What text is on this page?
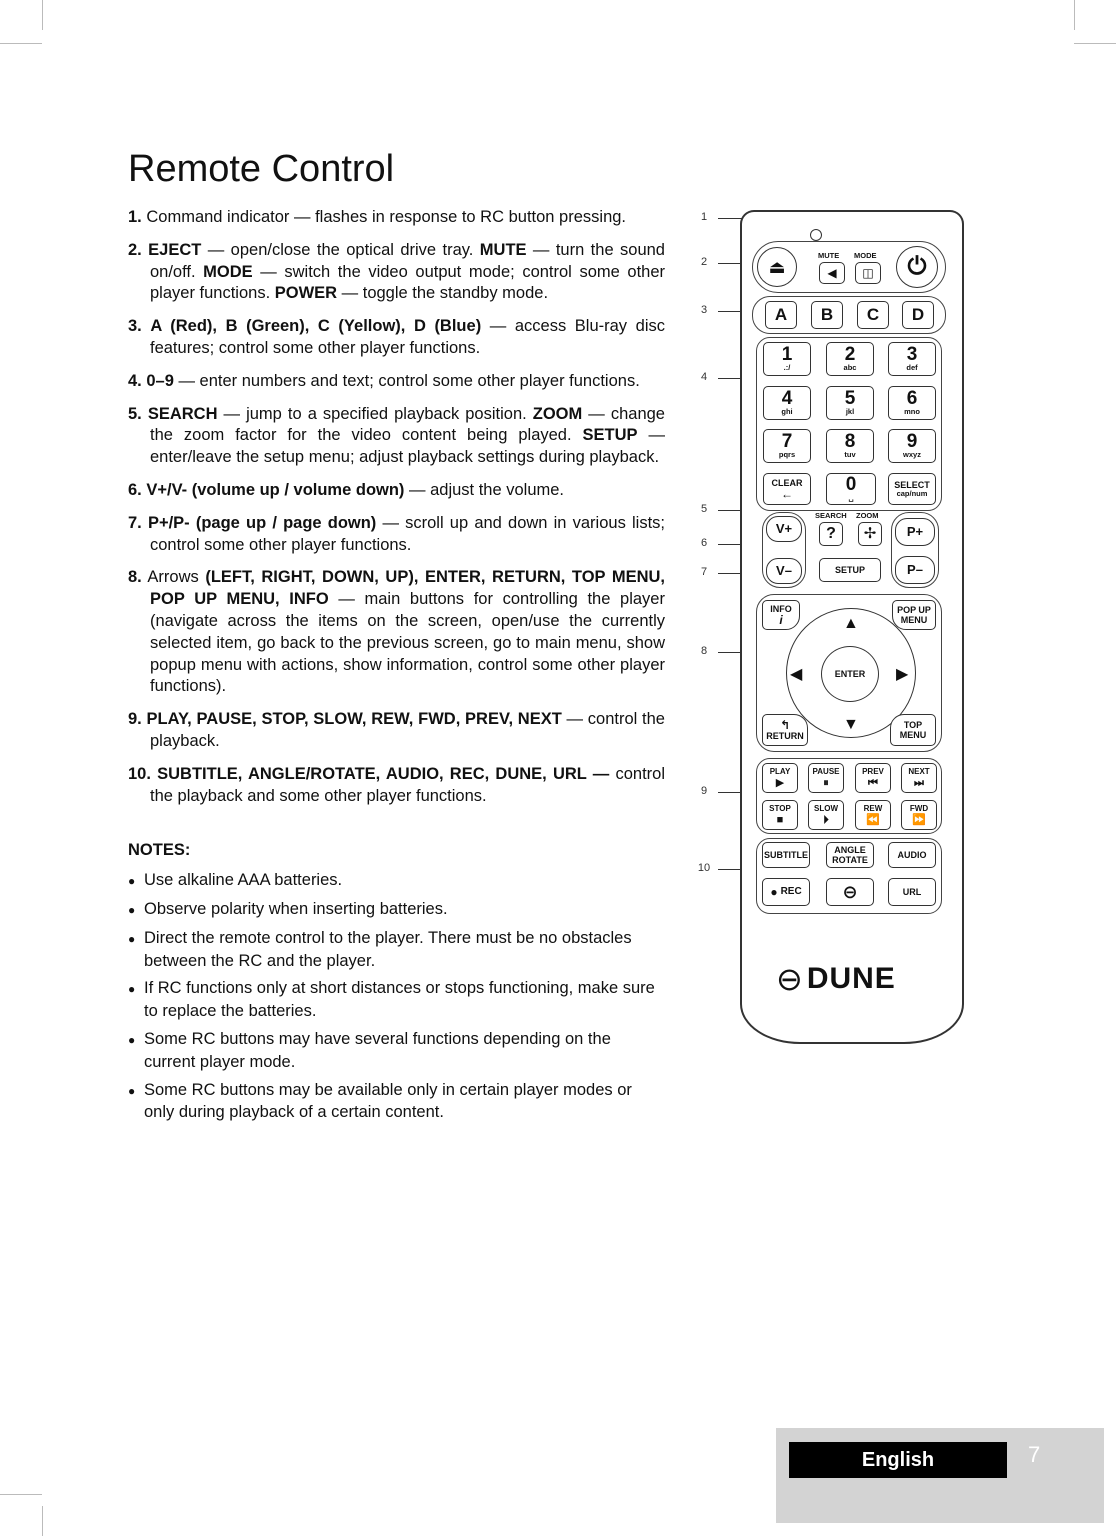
Remote Control
1. Command indicator — flashes in response to RC button pressing.
2. EJECT — open/close the optical drive tray. MUTE — turn the sound on/off. MODE — switch the video output mode; control some other player functions. POWER — toggle the standby mode.
3. A (Red), B (Green), C (Yellow), D (Blue) — access Blu-ray disc features; control some other player functions.
4. 0–9 — enter numbers and text; control some other player functions.
5. SEARCH — jump to a specified playback position. ZOOM — change the zoom factor for the video content being played. SETUP — enter/leave the setup menu; adjust playback settings during playback.
6. V+/V- (volume up / volume down) — adjust the volume.
7. P+/P- (page up / page down) — scroll up and down in various lists; control some other player functions.
8. Arrows (LEFT, RIGHT, DOWN, UP), ENTER, RETURN, TOP MENU, POP UP MENU, INFO — main buttons for controlling the player (navigate across the items on the screen, open/use the currently selected item, go back to the previous screen, go to main menu, show popup menu with actions, show information, control some other player functions).
9. PLAY, PAUSE, STOP, SLOW, REW, FWD, PREV, NEXT — control the playback.
10. SUBTITLE, ANGLE/ROTATE, AUDIO, REC, DUNE, URL — control the playback and some other player functions.
NOTES:
● Use alkaline AAA batteries.
● Observe polarity when inserting batteries.
● Direct the remote control to the player. There must be no obstacles between the RC and the player.
● If RC functions only at short distances or stops functioning, make sure to replace the batteries.
● Some RC buttons may have several functions depending on the current player mode.
● Some RC buttons may be available only in certain player modes or only during playback of a certain content.
1
2
3
4
5
6
7
8
9
10
⏏
MUTE MODE
◀ ◫ ⏻
A B C D
1
.:/
2
abc
3
def
4
ghi
5
jkl
6
mno
7
pqrs
8
tuv
9
wxyz
CLEAR
←	0
␣
SELECT
cap/num
V+
V–
SEARCH ZOOM
? ✢
SETUP
P+
P–
INFO
i
POP UP
MENU
▲
▼
◀	▶
ENTER
↰
RETURN
TOP
MENU
PLAY
▶
PAUSE
⏸
PREV
⏮
NEXT
⏭
STOP
■
SLOW
⏵
REW
⏪
FWD
⏩
SUBTITLE	ANGLE
ROTATE	AUDIO
● REC ⊖	URL
⊖ DUNE
English	7
